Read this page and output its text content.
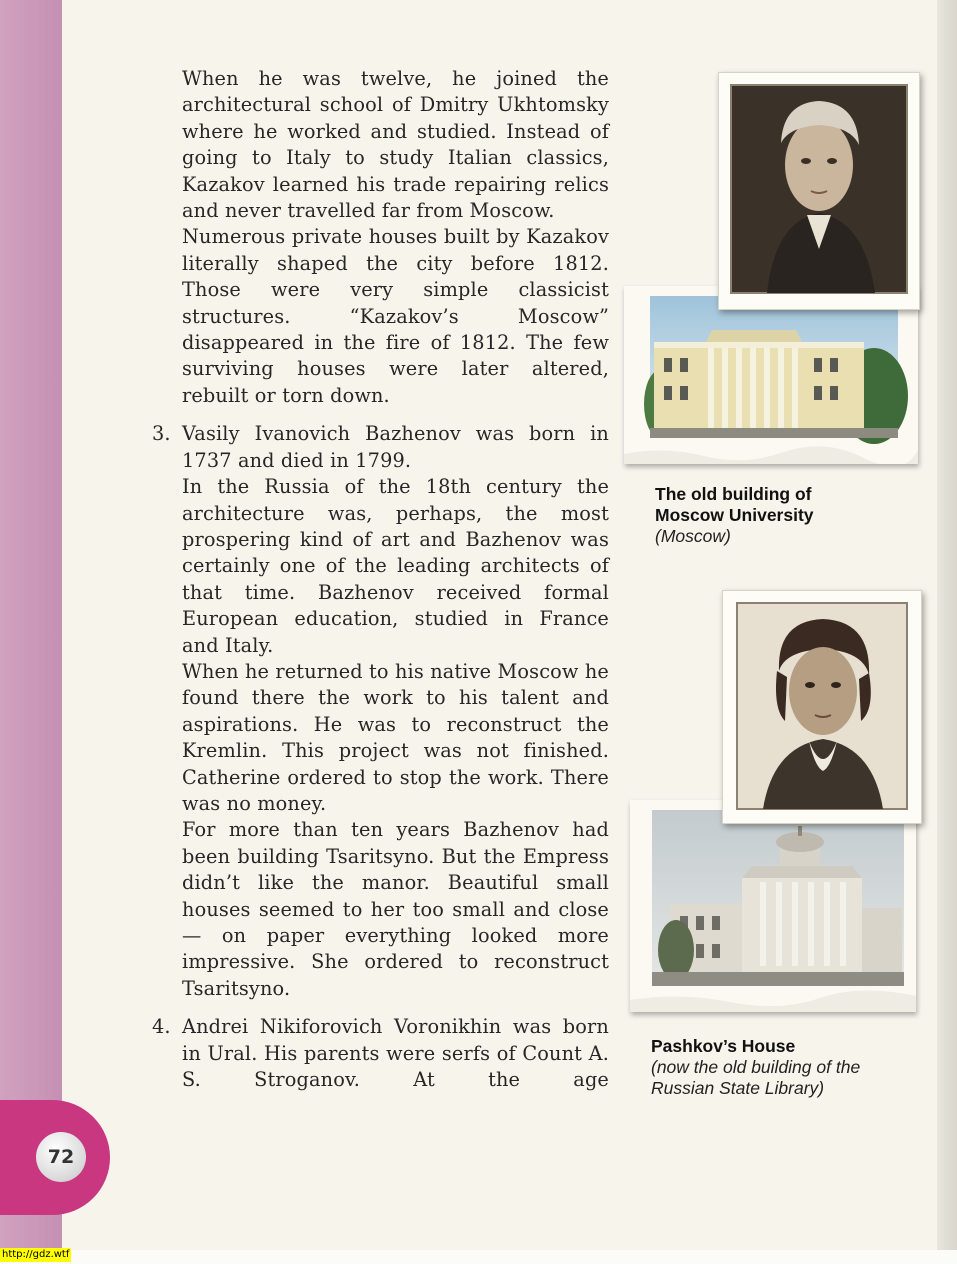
When he was twelve, he joined the architectural school of Dmitry Ukhtomsky where he worked and studied. Instead of going to Italy to study Italian classics, Kazakov learned his trade repairing relics and never travelled far from Moscow.

Numerous private houses built by Kazakov literally shaped the city before 1812. Those were very simple classicist structures. “Kazakov’s Moscow” disappeared in the fire of 1812. The few surviving houses were later altered, rebuilt or torn down.

3. Vasily Ivanovich Bazhenov was born in 1737 and died in 1799.

In the Russia of the 18th century the architecture was, perhaps, the most prospering kind of art and Bazhenov was certainly one of the leading architects of that time. Bazhenov received formal European education, studied in France and Italy.

When he returned to his native Moscow he found there the work to his talent and aspirations. He was to reconstruct the Kremlin. This project was not finished. Catherine ordered to stop the work. There was no money.

For more than ten years Bazhenov had been building Tsaritsyno. But the Empress didn’t like the manor. Beautiful small houses seemed to her too small and close — on paper everything looked more impressive. She ordered to reconstruct Tsaritsyno.

4. Andrei Nikiforovich Voronikhin was born in Ural. His parents were serfs of Count A. S. Stroganov. At the age

The old building of Moscow University
(Moscow)
Pashkov’s House
(now the old building of the Russian State Library)
72
http://gdz.wtf
